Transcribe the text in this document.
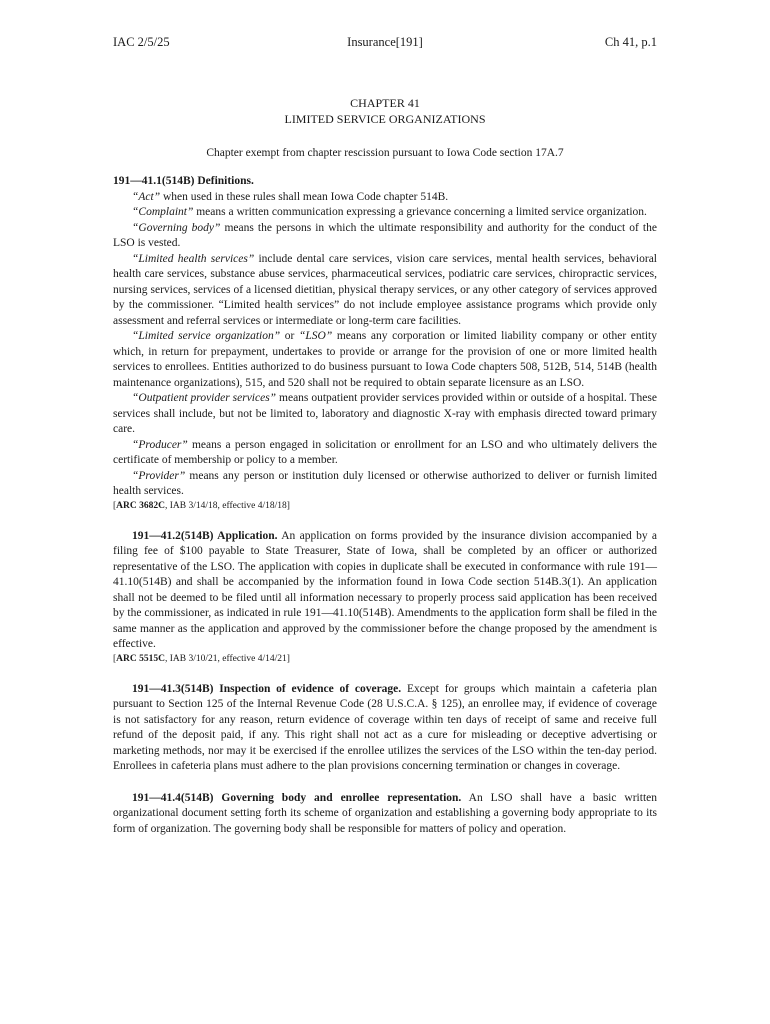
IAC 2/5/25	Insurance[191]	Ch 41, p.1
CHAPTER 41
LIMITED SERVICE ORGANIZATIONS
Chapter exempt from chapter rescission pursuant to Iowa Code section 17A.7

191—41.1(514B) Definitions.

“Act” when used in these rules shall mean Iowa Code chapter 514B.

“Complaint” means a written communication expressing a grievance concerning a limited service organization.

“Governing body” means the persons in which the ultimate responsibility and authority for the conduct of the LSO is vested.

“Limited health services” include dental care services, vision care services, mental health services, behavioral health care services, substance abuse services, pharmaceutical services, podiatric care services, chiropractic services, nursing services, services of a licensed dietitian, physical therapy services, or any other category of services approved by the commissioner. “Limited health services” do not include employee assistance programs which provide only assessment and referral services or intermediate or long-term care facilities.

“Limited service organization” or “LSO” means any corporation or limited liability company or other entity which, in return for prepayment, undertakes to provide or arrange for the provision of one or more limited health services to enrollees. Entities authorized to do business pursuant to Iowa Code chapters 508, 512B, 514, 514B (health maintenance organizations), 515, and 520 shall not be required to obtain separate licensure as an LSO.

“Outpatient provider services” means outpatient provider services provided within or outside of a hospital. These services shall include, but not be limited to, laboratory and diagnostic X-ray with emphasis directed toward primary care.

“Producer” means a person engaged in solicitation or enrollment for an LSO and who ultimately delivers the certificate of membership or policy to a member.

“Provider” means any person or institution duly licensed or otherwise authorized to deliver or furnish limited health services.

[ARC 3682C, IAB 3/14/18, effective 4/18/18]

191—41.2(514B) Application. An application on forms provided by the insurance division accompanied by a filing fee of $100 payable to State Treasurer, State of Iowa, shall be completed by an officer or authorized representative of the LSO. The application with copies in duplicate shall be executed in conformance with rule 191—41.10(514B) and shall be accompanied by the information found in Iowa Code section 514B.3(1). An application shall not be deemed to be filed until all information necessary to properly process said application has been received by the commissioner, as indicated in rule 191—41.10(514B). Amendments to the application form shall be filed in the same manner as the application and approved by the commissioner before the change proposed by the amendment is effective.

[ARC 5515C, IAB 3/10/21, effective 4/14/21]

191—41.3(514B) Inspection of evidence of coverage. Except for groups which maintain a cafeteria plan pursuant to Section 125 of the Internal Revenue Code (28 U.S.C.A. § 125), an enrollee may, if evidence of coverage is not satisfactory for any reason, return evidence of coverage within ten days of receipt of same and receive full refund of the deposit paid, if any. This right shall not act as a cure for misleading or deceptive advertising or marketing methods, nor may it be exercised if the enrollee utilizes the services of the LSO within the ten-day period. Enrollees in cafeteria plans must adhere to the plan provisions concerning termination or changes in coverage.

191—41.4(514B) Governing body and enrollee representation. An LSO shall have a basic written organizational document setting forth its scheme of organization and establishing a governing body appropriate to its form of organization. The governing body shall be responsible for matters of policy and operation.
